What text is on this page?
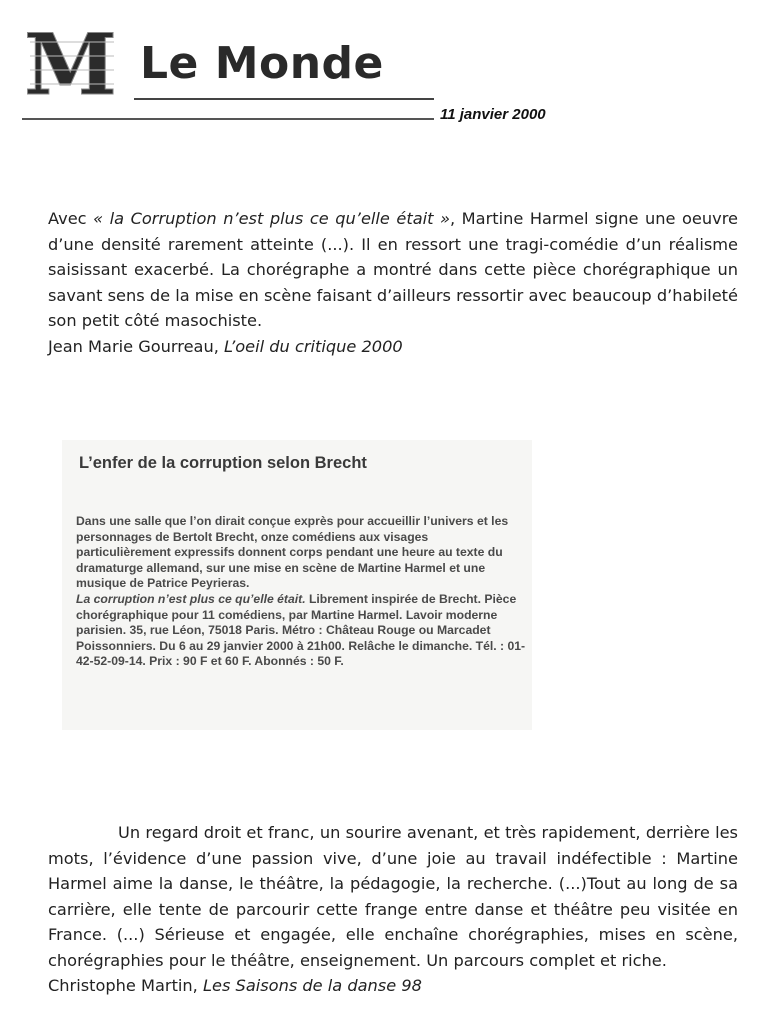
M Le Monde
11 janvier 2000

Avec « la Corruption n’est plus ce qu’elle était », Martine Harmel signe une oeuvre d’une densité rarement atteinte (...). Il en ressort une tragi-comédie d’un réalisme saisissant exacerbé. La chorégraphe a montré dans cette pièce chorégraphique un savant sens de la mise en scène faisant d’ailleurs ressortir avec beaucoup d’habileté son petit côté masochiste.

Jean Marie Gourreau, L’oeil du critique 2000

L’enfer de la corruption selon Brecht

Dans une salle que l’on dirait conçue exprès pour accueillir l’univers et les personnages de Bertolt Brecht, onze comédiens aux visages particulièrement expressifs donnent corps pendant une heure au texte du dramaturge allemand, sur une mise en scène de Martine Harmel et une musique de Patrice Peyrieras.

La corruption n’est plus ce qu’elle était. Librement inspirée de Brecht. Pièce chorégraphique pour 11 comédiens, par Martine Harmel. Lavoir moderne parisien. 35, rue Léon, 75018 Paris. Métro : Château Rouge ou Marcadet Poissonniers. Du 6 au 29 janvier 2000 à 21h00. Relâche le dimanche. Tél. : 01-42-52-09-14. Prix : 90 F et 60 F. Abonnés : 50 F.

Un regard droit et franc, un sourire avenant, et très rapidement, derrière les mots, l’évidence d’une passion vive, d’une joie au travail indéfectible : Martine Harmel aime la danse, le théâtre, la pédagogie, la recherche. (...)Tout au long de sa carrière, elle tente de parcourir cette frange entre danse et théâtre peu visitée en France. (...) Sérieuse et engagée, elle enchaîne chorégraphies, mises en scène, chorégraphies pour le théâtre, enseignement. Un parcours complet et riche.

Christophe Martin, Les Saisons de la danse 98
